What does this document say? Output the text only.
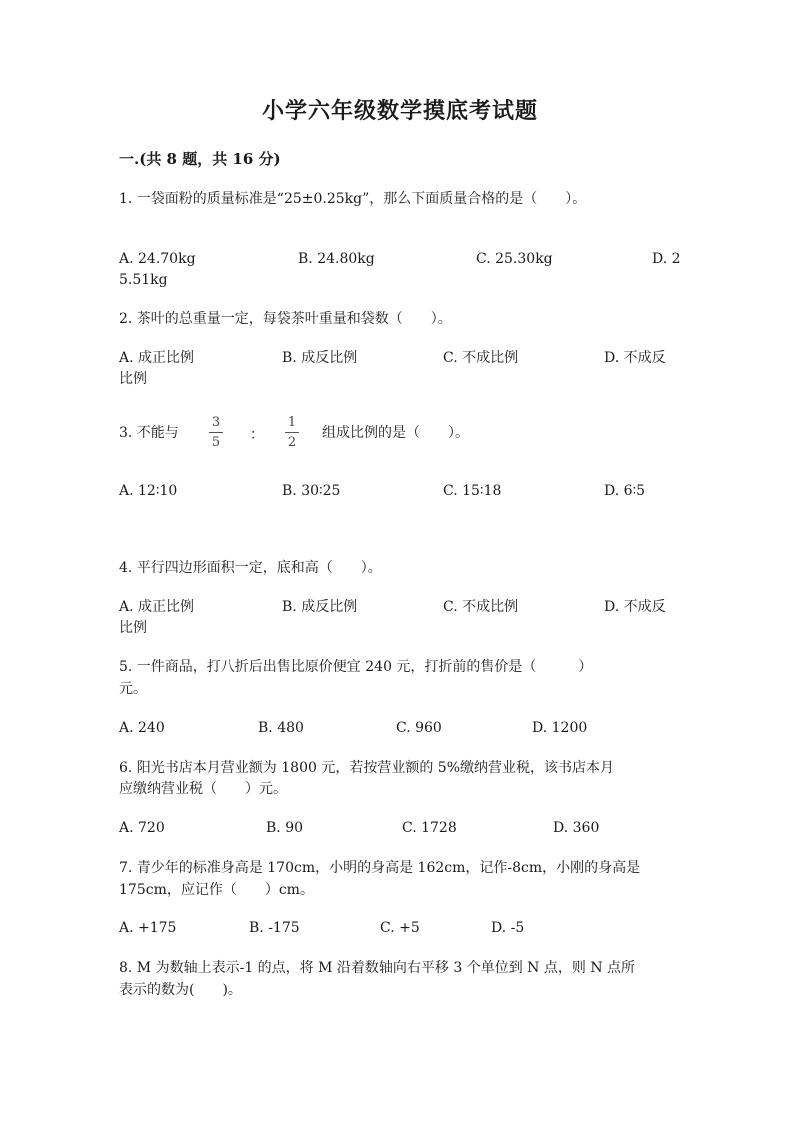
小学六年级数学摸底考试题
一.(共 8 题，共 16 分)
1. 一袋面粉的质量标准是“25±0.25kg”，那么下面质量合格的是（　　）。
A. 24.70kg	B. 24.80kg	C. 25.30kg	D. 2
5.51kg
2. 茶叶的总重量一定，每袋茶叶重量和袋数（　　）。
A. 成正比例	B. 成反比例	C. 不成比例	D. 不成反
比例
3. 不能与
3
5 ：
1
2
组成比例的是（　　）。
A. 12∶10	B. 30∶25	C. 15∶18	D. 6∶5
4. 平行四边形面积一定，底和高（　　）。
A. 成正比例	B. 成反比例	C. 不成比例	D. 不成反
比例
5. 一件商品，打八折后出售比原价便宜 240 元，打折前的售价是（　　　）
元。
A. 240	B. 480	C. 960	D. 1200
6. 阳光书店本月营业额为 1800 元，若按营业额的 5%缴纳营业税，该书店本月
应缴纳营业税（　　）元。
A. 720	B. 90	C. 1728	D. 360
7. 青少年的标准身高是 170cm，小明的身高是 162cm，记作-8cm，小刚的身高是
175cm，应记作（　　）cm。
A. +175	B. -175	C. +5	D. -5
8. M 为数轴上表示-1 的点，将 M 沿着数轴向右平移 3 个单位到 N 点，则 N 点所
表示的数为(　　)。
